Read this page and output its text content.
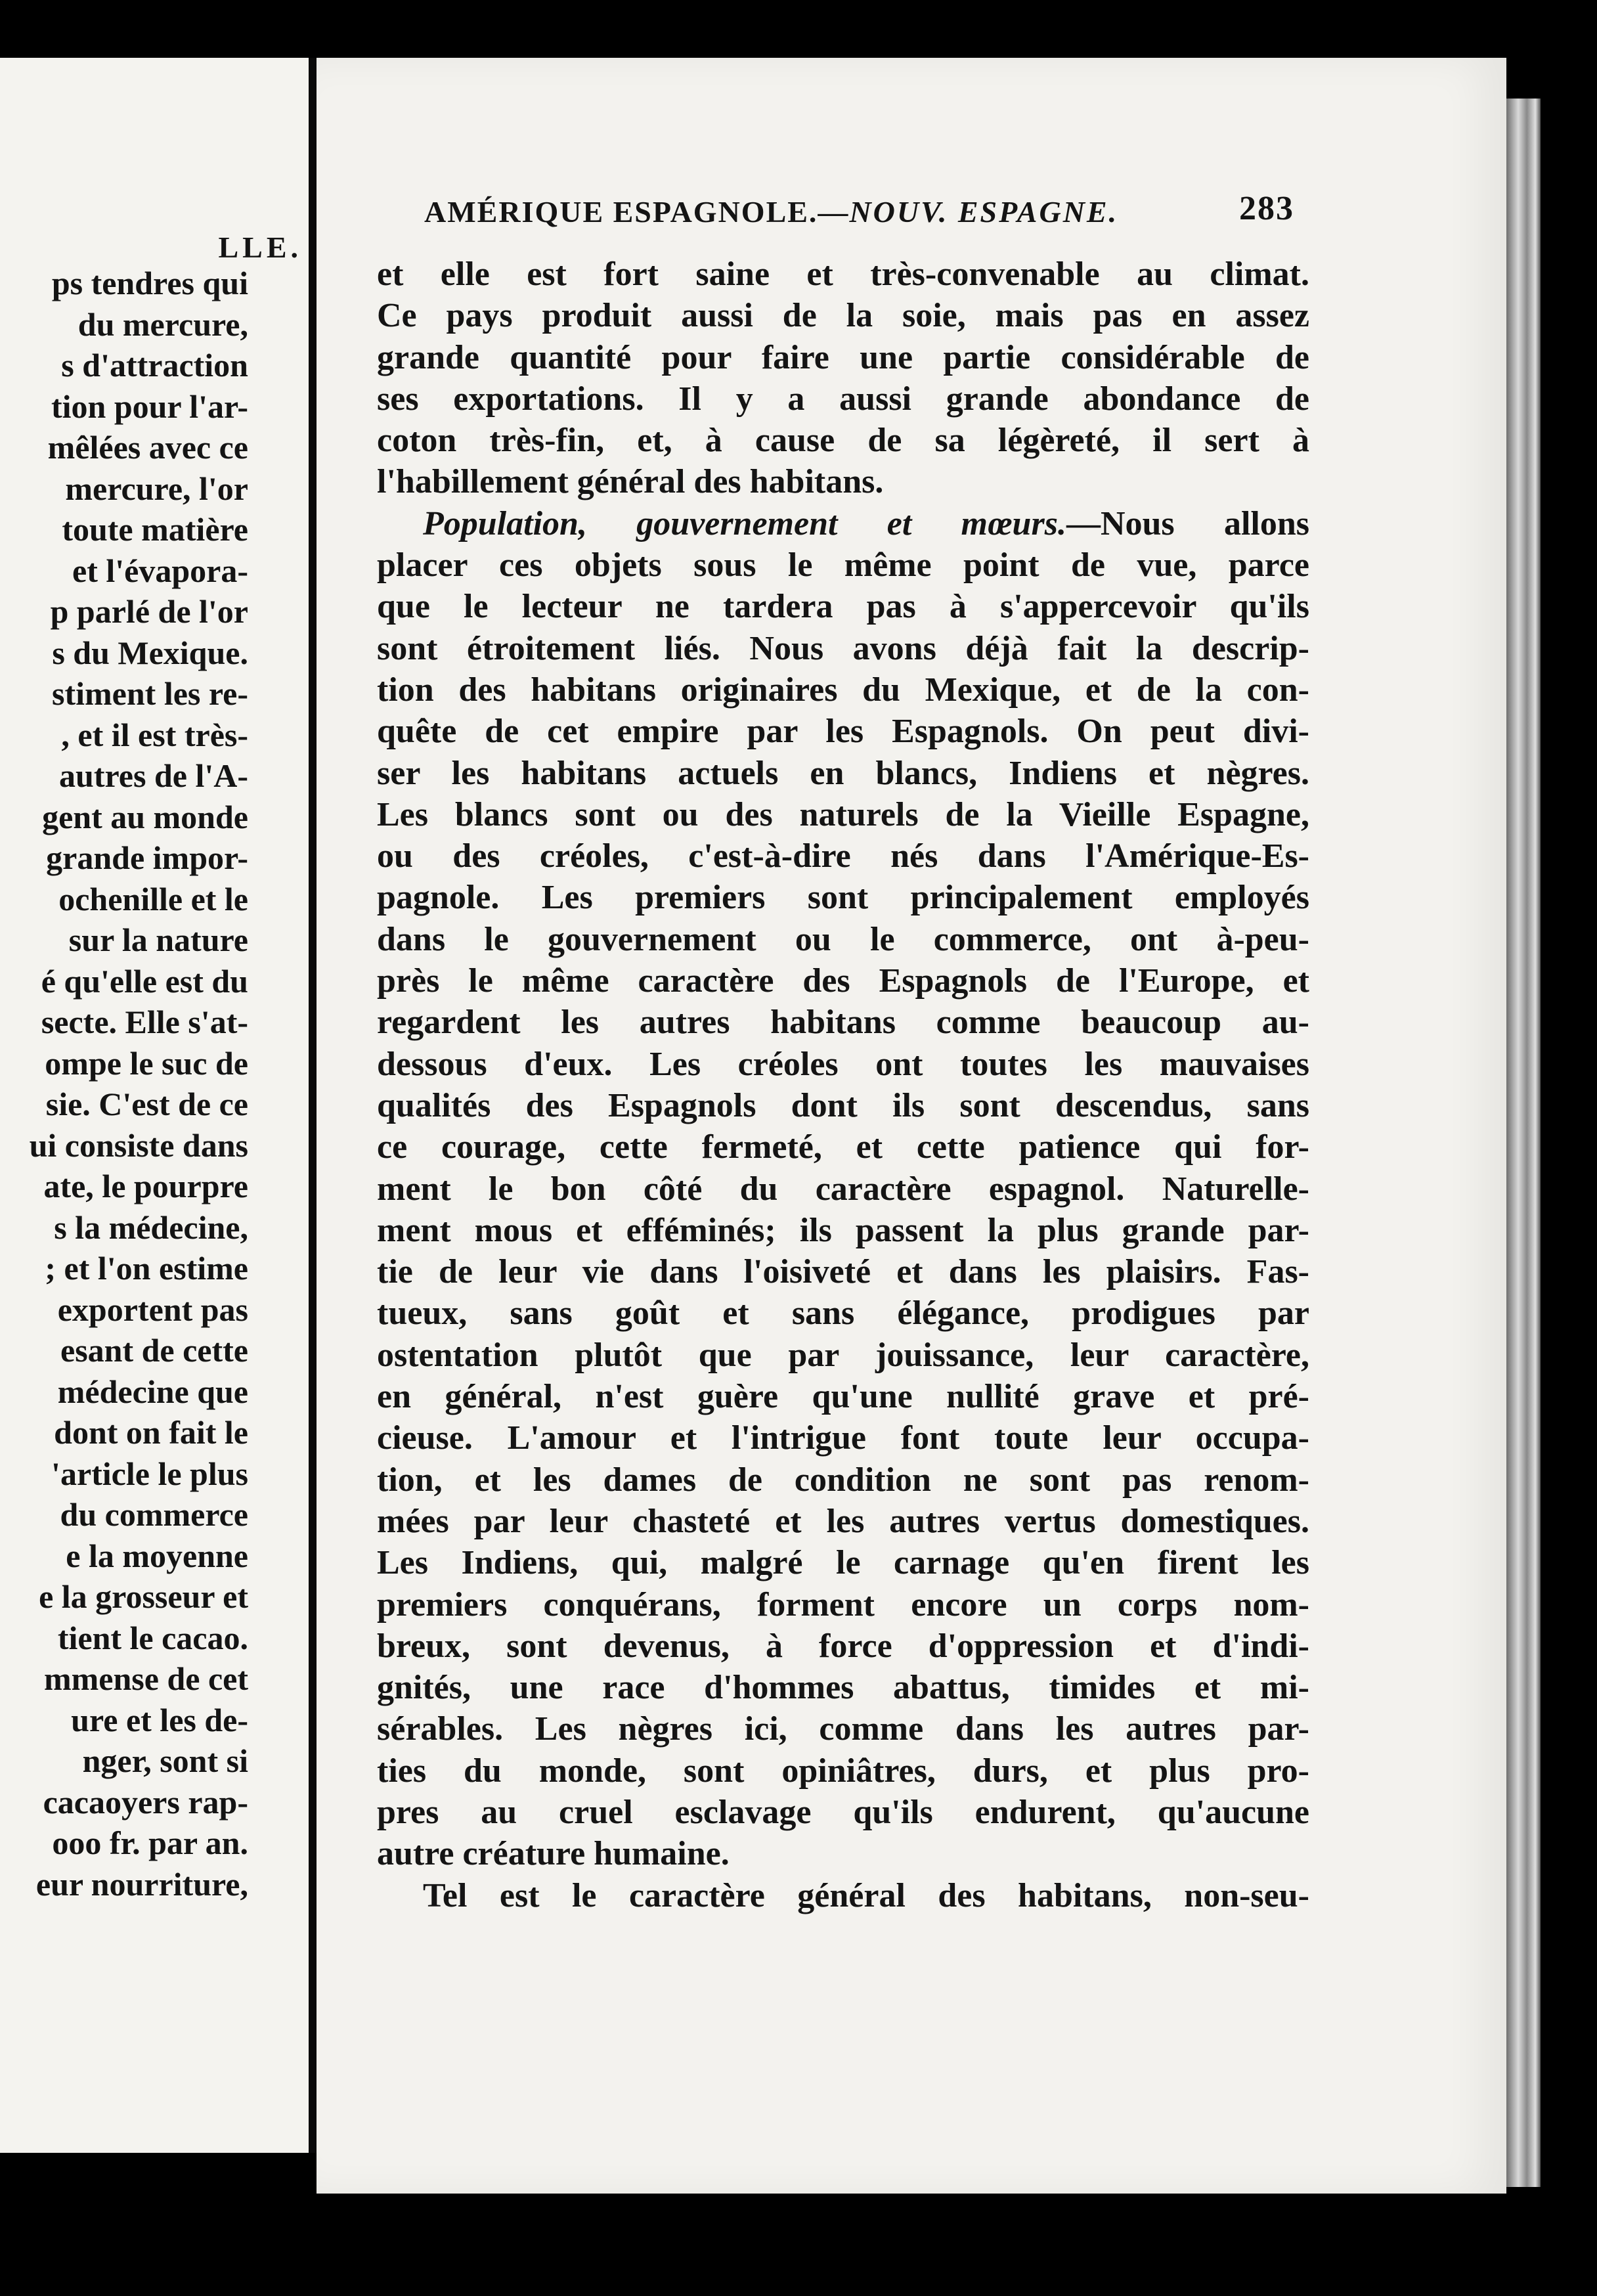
LLE.
ps tendres qui
du mercure,
s d'attraction
tion pour l'ar-
mêlées avec ce
mercure, l'or
toute matière
et l'évapora-
p parlé de l'or
s du Mexique.
stiment les re-
, et il est très-
autres de l'A-
gent au monde
grande impor-
ochenille et le
sur la nature
é qu'elle est du
secte. Elle s'at-
ompe le suc de
sie. C'est de ce
ui consiste dans
ate, le pourpre
s la médecine,
; et l'on estime
exportent pas
esant de cette
médecine que
dont on fait le
'article le plus
du commerce
e la moyenne
e la grosseur et
tient le cacao.
mmense de cet
ure et les de-
nger, sont si
cacaoyers rap-
ooo fr. par an.
eur nourriture,
AMÉRIQUE ESPAGNOLE.—NOUV. ESPAGNE.	283
et elle est fort saine et très-convenable au climat.
Ce pays produit aussi de la soie, mais pas en assez
grande quantité pour faire une partie considérable de
ses exportations. Il y a aussi grande abondance de
coton très-fin, et, à cause de sa légèreté, il sert à
l'habillement général des habitans.
Population, gouvernement et mœurs.—Nous allons
placer ces objets sous le même point de vue, parce
que le lecteur ne tardera pas à s'appercevoir qu'ils
sont étroitement liés. Nous avons déjà fait la descrip-
tion des habitans originaires du Mexique, et de la con-
quête de cet empire par les Espagnols. On peut divi-
ser les habitans actuels en blancs, Indiens et nègres.
Les blancs sont ou des naturels de la Vieille Espagne,
ou des créoles, c'est-à-dire nés dans l'Amérique-Es-
pagnole. Les premiers sont principalement employés
dans le gouvernement ou le commerce, ont à-peu-
près le même caractère des Espagnols de l'Europe, et
regardent les autres habitans comme beaucoup au-
dessous d'eux. Les créoles ont toutes les mauvaises
qualités des Espagnols dont ils sont descendus, sans
ce courage, cette fermeté, et cette patience qui for-
ment le bon côté du caractère espagnol. Naturelle-
ment mous et efféminés; ils passent la plus grande par-
tie de leur vie dans l'oisiveté et dans les plaisirs. Fas-
tueux, sans goût et sans élégance, prodigues par
ostentation plutôt que par jouissance, leur caractère,
en général, n'est guère qu'une nullité grave et pré-
cieuse. L'amour et l'intrigue font toute leur occupa-
tion, et les dames de condition ne sont pas renom-
mées par leur chasteté et les autres vertus domestiques.
Les Indiens, qui, malgré le carnage qu'en firent les
premiers conquérans, forment encore un corps nom-
breux, sont devenus, à force d'oppression et d'indi-
gnités, une race d'hommes abattus, timides et mi-
sérables. Les nègres ici, comme dans les autres par-
ties du monde, sont opiniâtres, durs, et plus pro-
pres au cruel esclavage qu'ils endurent, qu'aucune
autre créature humaine.
Tel est le caractère général des habitans, non-seu-
